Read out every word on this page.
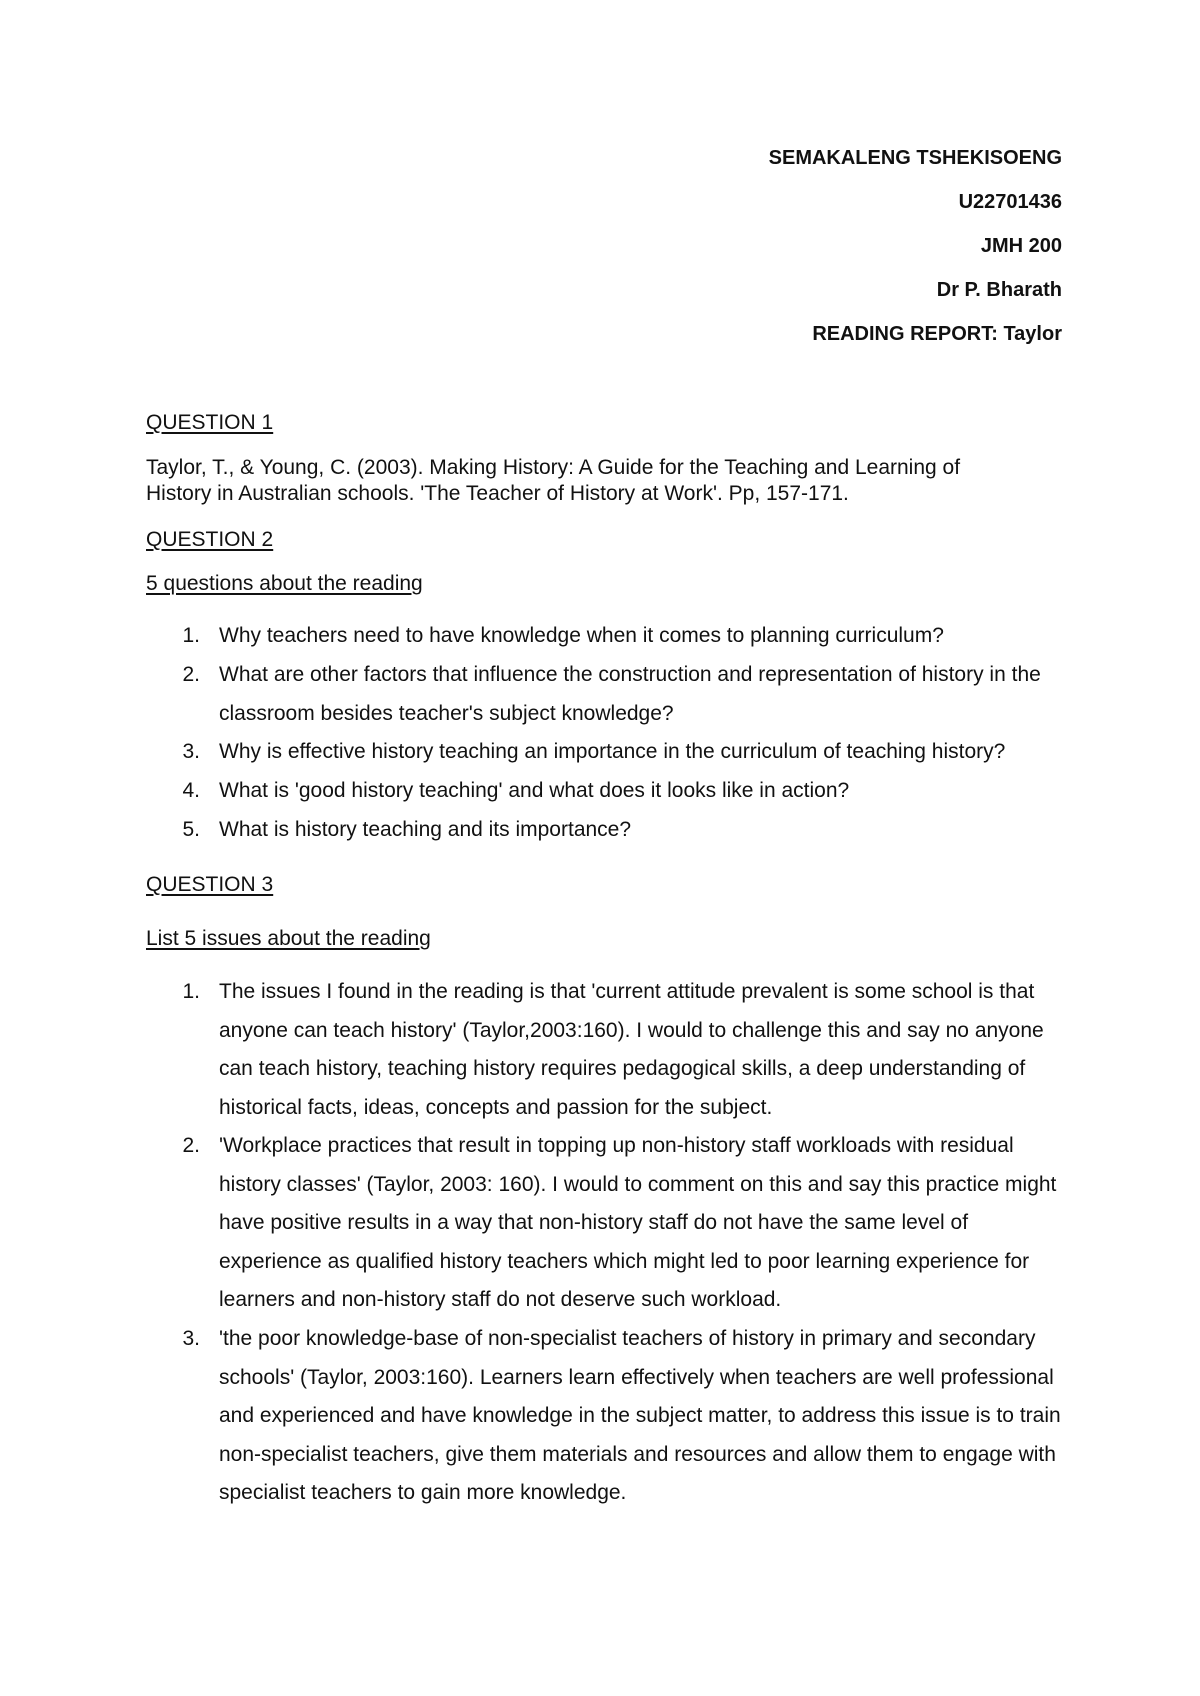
SEMAKALENG TSHEKISOENG
U22701436
JMH 200
Dr P. Bharath
READING REPORT: Taylor
QUESTION 1
Taylor, T., & Young, C. (2003). Making History: A Guide for the Teaching and Learning of
History in Australian schools. 'The Teacher of History at Work'. Pp, 157-171.
QUESTION 2
5 questions about the reading
1. Why teachers need to have knowledge when it comes to planning curriculum?
2. What are other factors that influence the construction and representation of history in the classroom besides teacher's subject knowledge?
3. Why is effective history teaching an importance in the curriculum of teaching history?
4. What is 'good history teaching' and what does it looks like in action?
5. What is history teaching and its importance?
QUESTION 3
List 5 issues about the reading
1. The issues I found in the reading is that 'current attitude prevalent is some school is that anyone can teach history' (Taylor,2003:160). I would to challenge this and say no anyone can teach history, teaching history requires pedagogical skills, a deep understanding of historical facts, ideas, concepts and passion for the subject.
2. 'Workplace practices that result in topping up non-history staff workloads with residual history classes' (Taylor, 2003: 160). I would to comment on this and say this practice might have positive results in a way that non-history staff do not have the same level of experience as qualified history teachers which might led to poor learning experience for learners and non-history staff do not deserve such workload.
3. 'the poor knowledge-base of non-specialist teachers of history in primary and secondary schools' (Taylor, 2003:160). Learners learn effectively when teachers are well professional and experienced and have knowledge in the subject matter, to address this issue is to train non-specialist teachers, give them materials and resources and allow them to engage with specialist teachers to gain more knowledge.
